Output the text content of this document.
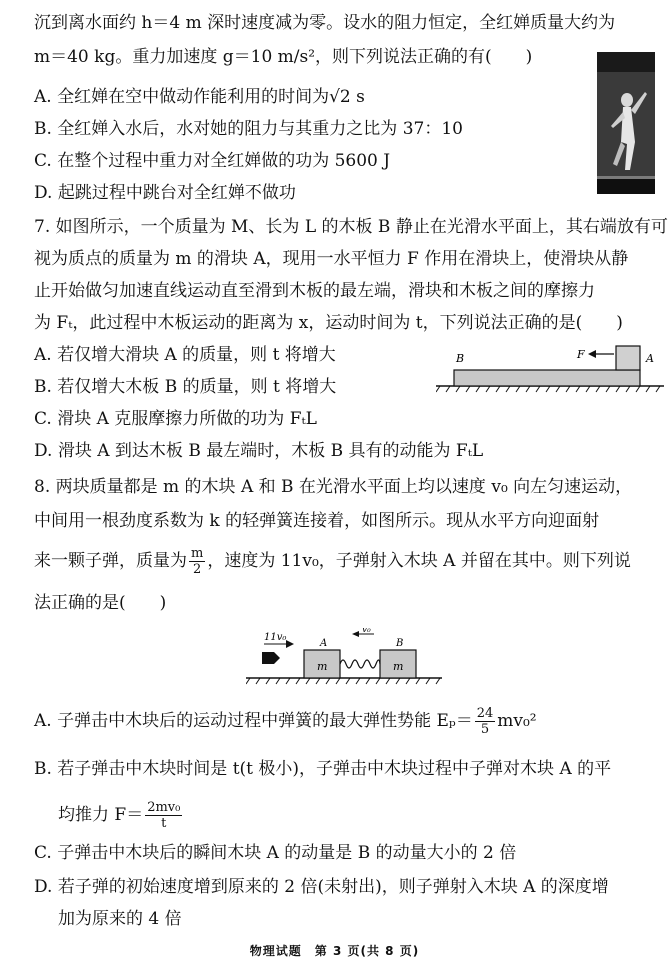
沉到离水面约 h＝4 m 深时速度减为零。设水的阻力恒定，全红婵质量大约为
m＝40 kg。重力加速度 g＝10 m/s²，则下列说法正确的有(　　)
A. 全红婵在空中做动作能利用的时间为√2 s
B. 全红婵入水后，水对她的阻力与其重力之比为 37：10
C. 在整个过程中重力对全红婵做的功为 5600 J
D. 起跳过程中跳台对全红婵不做功
7. 如图所示，一个质量为 M、长为 L 的木板 B 静止在光滑水平面上，其右端放有可
视为质点的质量为 m 的滑块 A，现用一水平恒力 F 作用在滑块上，使滑块从静
止开始做匀加速直线运动直至滑到木板的最左端，滑块和木板之间的摩擦力
为 Fₜ，此过程中木板运动的距离为 x，运动时间为 t，下列说法正确的是(　　)
A. 若仅增大滑块 A 的质量，则 t 将增大
B. 若仅增大木板 B 的质量，则 t 将增大
C. 滑块 A 克服摩擦力所做的功为 FₜL
D. 滑块 A 到达木板 B 最左端时，木板 B 具有的动能为 FₜL
B	F	A
8. 两块质量都是 m 的木块 A 和 B 在光滑水平面上均以速度 v₀ 向左匀速运动，
中间用一根劲度系数为 k 的轻弹簧连接着，如图所示。现从水平方向迎面射
来一颗子弹，质量为 $\frac{m}{2}$ ，速度为 11v₀，子弹射入木块 A 并留在其中。则下列说
法正确的是(　　)
11v₀
m	m
A	B
v₀
A. 子弹击中木块后的运动过程中弹簧的最大弹性势能 $E_p= \frac{24}{5} mv_0^2$
B. 若子弹击中木块时间是 t(t 极小)，子弹击中木块过程中子弹对木块 A 的平
均推力 $F= \frac{\text{2mv₀}}{t}$
C. 子弹击中木块后的瞬间木块 A 的动量是 B 的动量大小的 2 倍
D. 若子弹的初始速度增到原来的 2 倍(未射出)，则子弹射入木块 A 的深度增
加为原来的 4 倍
物理试题　第 3 页(共 8 页)
